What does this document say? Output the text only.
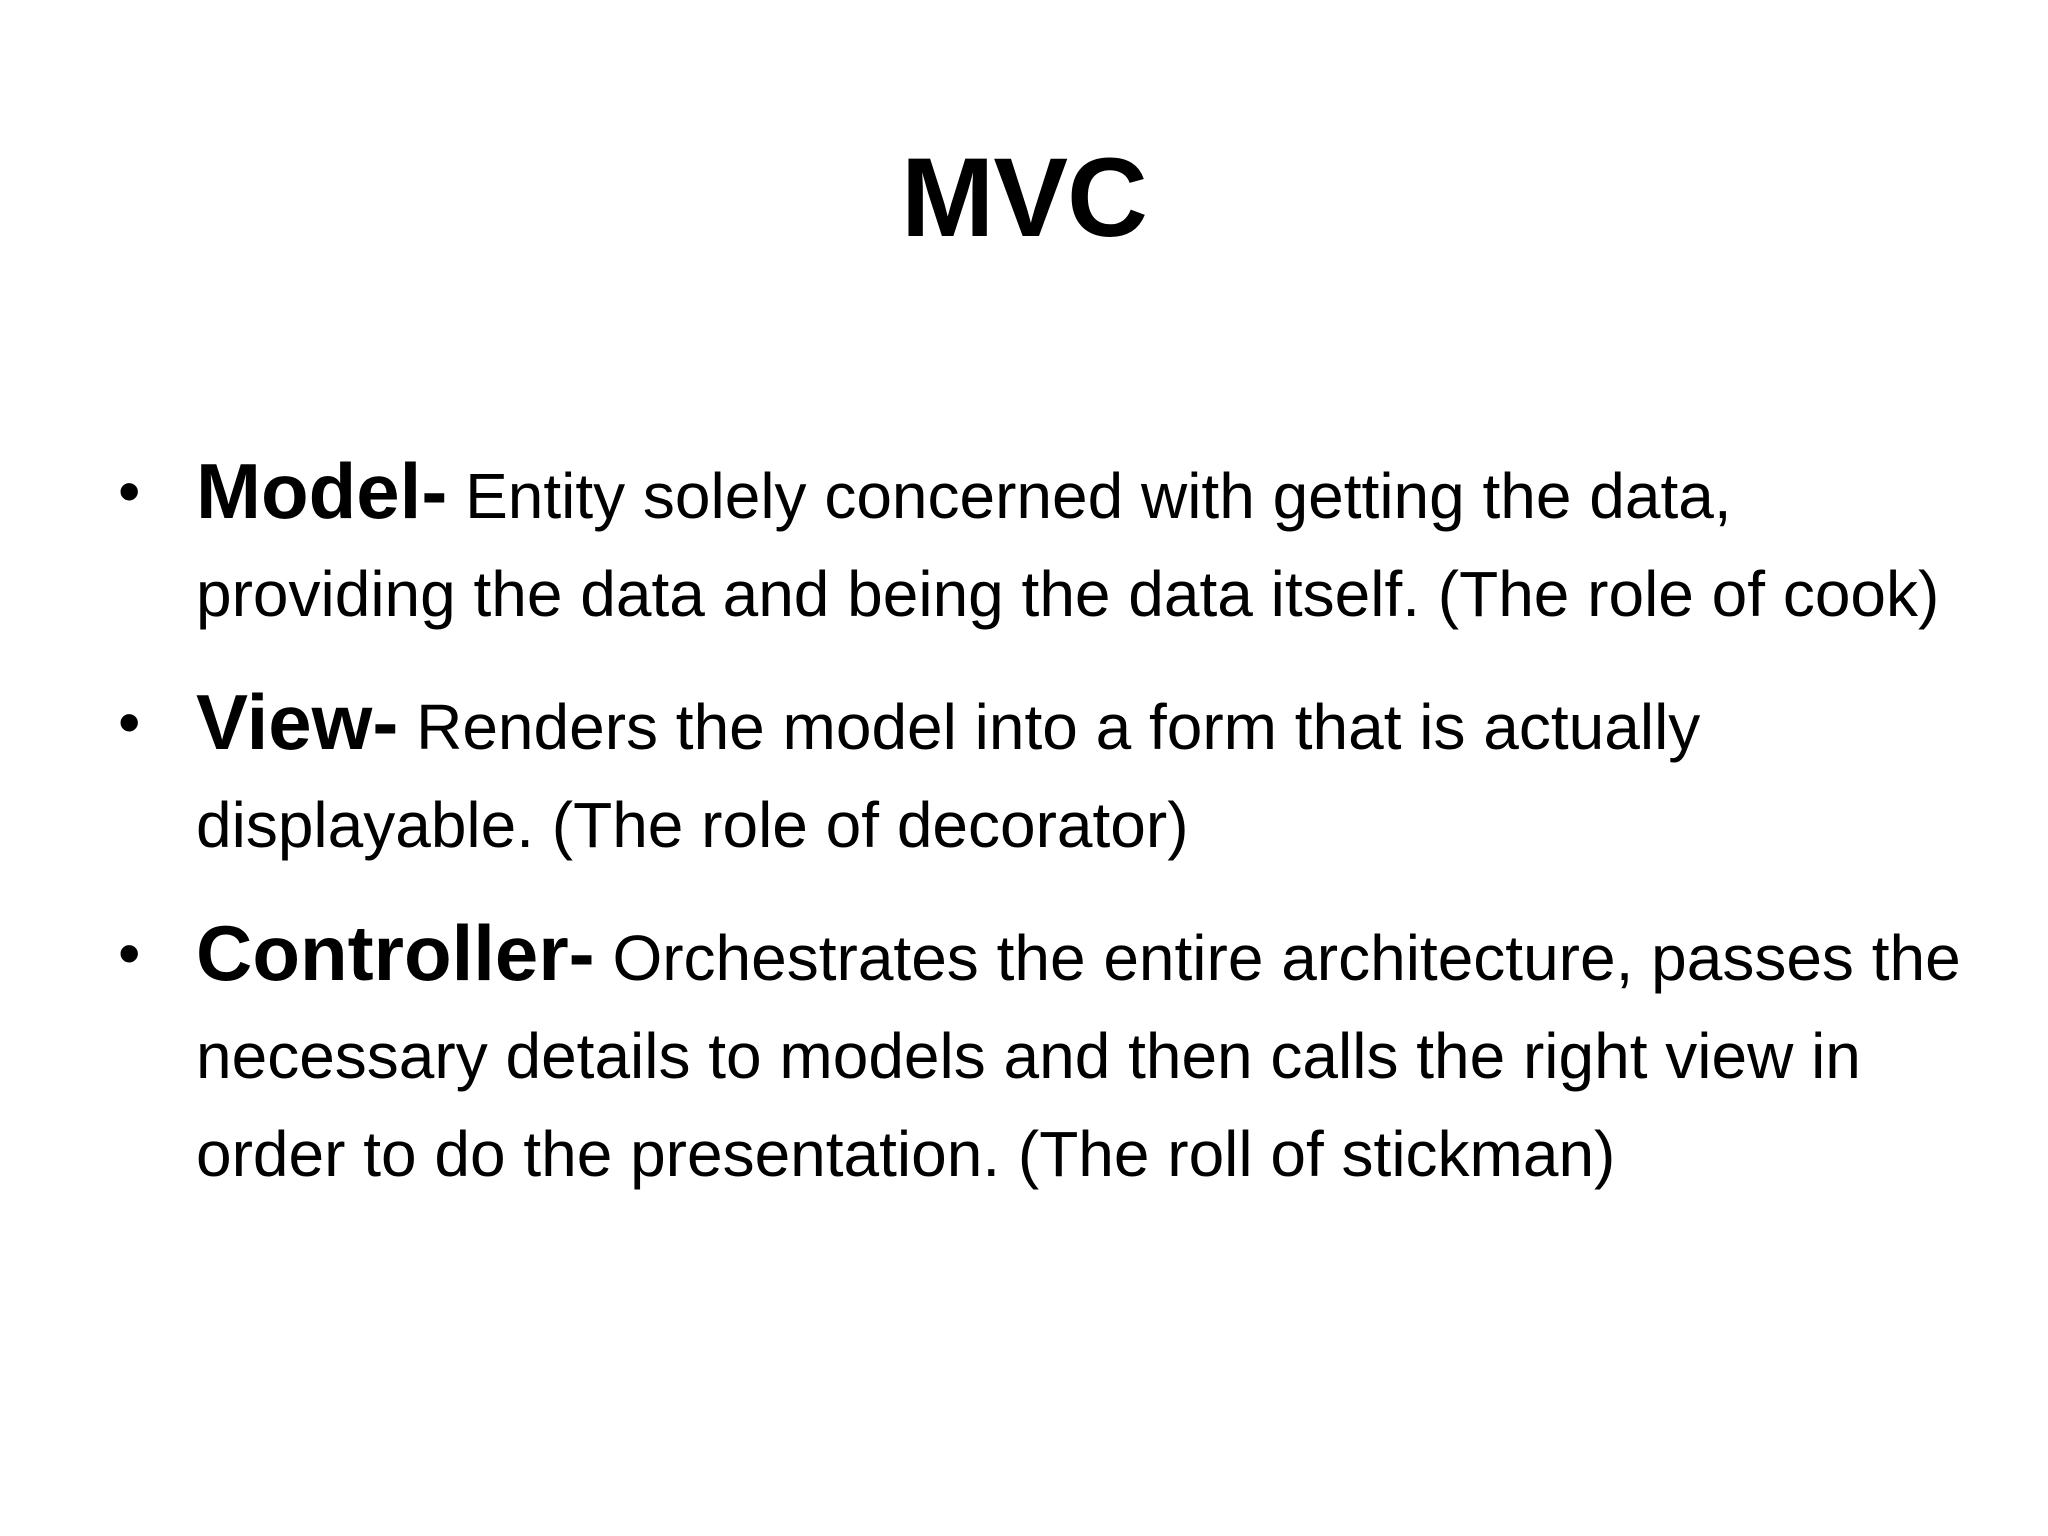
MVC
• Model- Entity solely concerned with getting the data, providing the data and being the data itself. (The role of cook)
• View- Renders the model into a form that is actually displayable. (The role of decorator)
• Controller- Orchestrates the entire architecture, passes the necessary details to models and then calls the right view in order to do the presentation. (The roll of stickman)
